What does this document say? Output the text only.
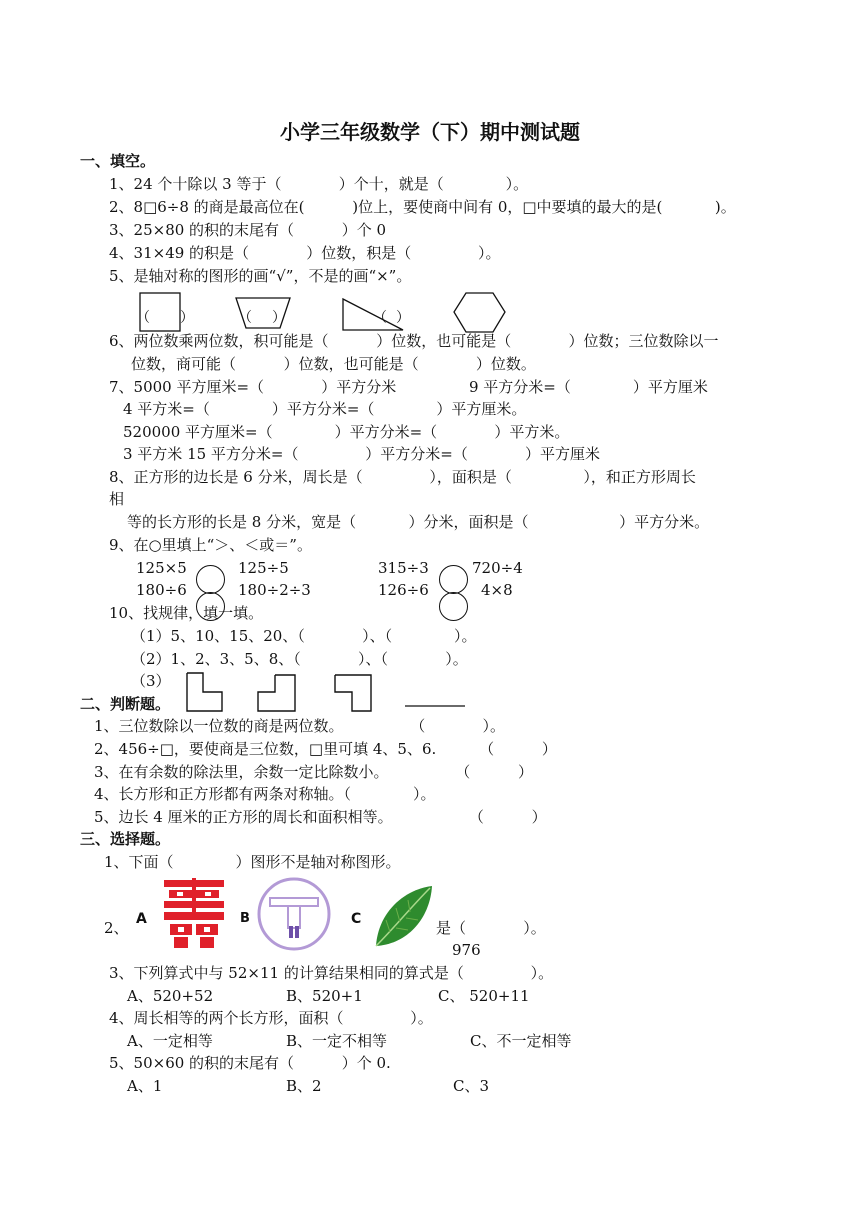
小学三年级数学（下）期中测试题
一、填空。
1、24 个十除以 3 等于（            ）个十，就是（             ）。
2、8□6÷8 的商是最高位在(          )位上，要使商中间有 0，□中要填的最大的是(           )。
3、25×80 的积的末尾有（          ）个 0
4、31×49 的积是（            ）位数，积是（              ）。
5、是轴对称的图形的画“√”，不是的画“×”。
（ ）	（ ）	（ ）
6、两位数乘两位数，积可能是（          ）位数，也可能是（            ）位数；三位数除以一
位数，商可能（          ）位数，也可能是（            ）位数。
7、5000 平方厘米=（            ）平方分米	9 平方分米=（             ）平方厘米
4 平方米=（             ）平方分米=（             ）平方厘米。
520000 平方厘米=（             ）平方分米=（            ）平方米。
3 平方米 15 平方分米=（              ）平方分米=（            ）平方厘米
8、正方形的边长是 6 分米，周长是（              ），面积是（               ），和正方形周长
相
等的长方形的长是 8 分米，宽是（           ）分米，面积是（                   ）平方分米。
9、在○里填上“＞、＜或＝”。
125×5	125÷5	315÷3	720÷4
180÷6	180÷2÷3	126÷6	4×8
10、找规律，填一填。
（1）5、10、15、20、（            ）、（             ）。
（2）1、2、3、5、8、（            ）、（            ）。
（3）
二、判断题。
1、三位数除以一位数的商是两位数。              （            ）。
2、456÷□，要使商是三位数，□里可填 4、5、6.         （          ）
3、在有余数的除法里，余数一定比除数小。              （          ）
4、长方形和正方形都有两条对称轴。（             ）。
5、边长 4 厘米的正方形的周长和面积相等。                （          ）
三、选择题。
1、下面（             ）图形不是轴对称图形。
2、 A	B	C	是（            ）。
976
3、下列算式中与 52×11 的计算结果相同的算式是（              ）。
A、520+52	B、520+1	C、 520+11
4、周长相等的两个长方形，面积（              ）。
A、一定相等	B、一定不相等	C、不一定相等
5、50×60 的积的末尾有（          ）个 0.
A、1	B、2	C、3
